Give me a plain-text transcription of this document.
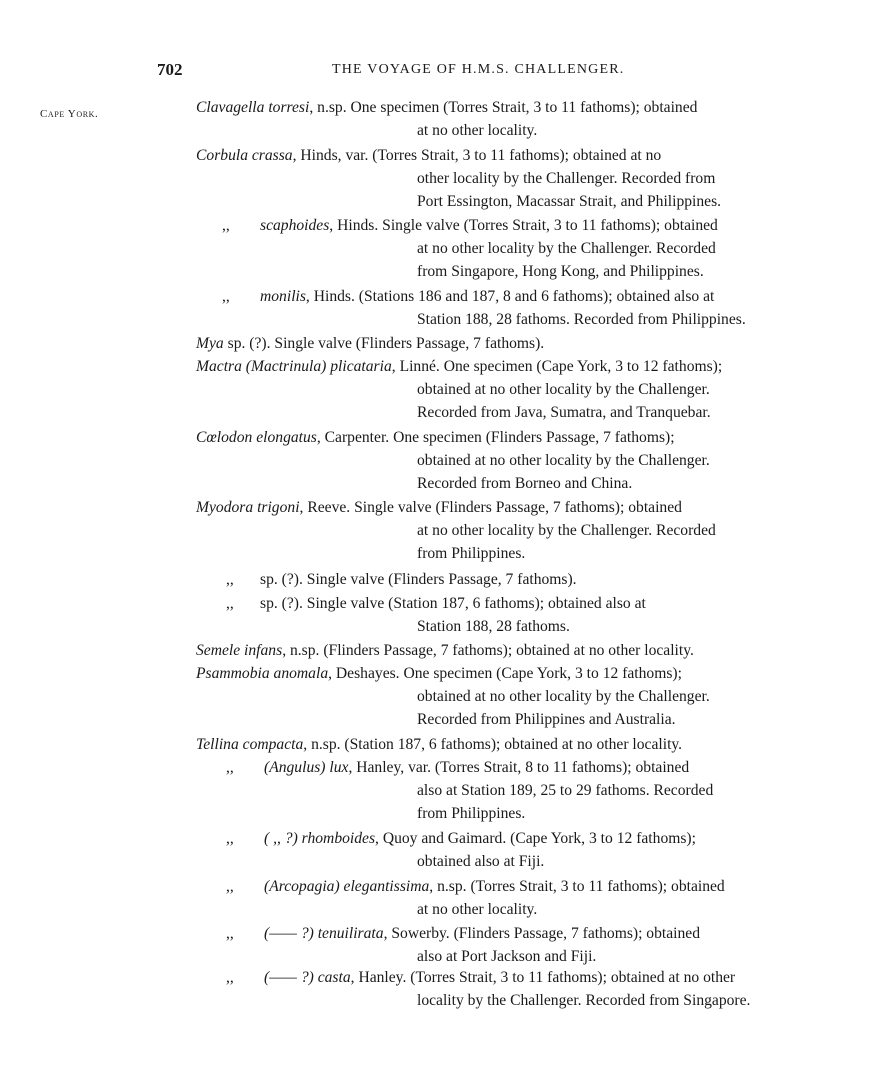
702	THE VOYAGE OF H.M.S. CHALLENGER.
Cape York.	Clavagella torresi, n.sp. One specimen (Torres Strait, 3 to 11 fathoms); obtained
at no other locality.
Corbula crassa, Hinds, var. (Torres Strait, 3 to 11 fathoms); obtained at no
other locality by the Challenger. Recorded from
Port Essington, Macassar Strait, and Philippines.
,, scaphoides, Hinds. Single valve (Torres Strait, 3 to 11 fathoms); obtained
at no other locality by the Challenger. Recorded
from Singapore, Hong Kong, and Philippines.
,, monilis, Hinds. (Stations 186 and 187, 8 and 6 fathoms); obtained also at
Station 188, 28 fathoms. Recorded from Philippines.
Mya sp. (?). Single valve (Flinders Passage, 7 fathoms).
Mactra (Mactrinula) plicataria, Linné. One specimen (Cape York, 3 to 12 fathoms);
obtained at no other locality by the Challenger.
Recorded from Java, Sumatra, and Tranquebar.
Cœlodon elongatus, Carpenter. One specimen (Flinders Passage, 7 fathoms);
obtained at no other locality by the Challenger.
Recorded from Borneo and China.
Myodora trigoni, Reeve. Single valve (Flinders Passage, 7 fathoms); obtained
at no other locality by the Challenger. Recorded
from Philippines.
,, sp. (?). Single valve (Flinders Passage, 7 fathoms).
,, sp. (?). Single valve (Station 187, 6 fathoms); obtained also at
Station 188, 28 fathoms.
Semele infans, n.sp. (Flinders Passage, 7 fathoms); obtained at no other locality.
Psammobia anomala, Deshayes. One specimen (Cape York, 3 to 12 fathoms);
obtained at no other locality by the Challenger.
Recorded from Philippines and Australia.
Tellina compacta, n.sp. (Station 187, 6 fathoms); obtained at no other locality.
,, (Angulus) lux, Hanley, var. (Torres Strait, 8 to 11 fathoms); obtained
also at Station 189, 25 to 29 fathoms. Recorded
from Philippines.
,, ( ,, ?) rhomboides, Quoy and Gaimard. (Cape York, 3 to 12 fathoms);
obtained also at Fiji.
,, (Arcopagia) elegantissima, n.sp. (Torres Strait, 3 to 11 fathoms); obtained
at no other locality.
,, (—— ?) tenuilirata, Sowerby. (Flinders Passage, 7 fathoms); obtained
also at Port Jackson and Fiji.
,, (—— ?) casta, Hanley. (Torres Strait, 3 to 11 fathoms); obtained at no other
locality by the Challenger. Recorded from Singapore.
